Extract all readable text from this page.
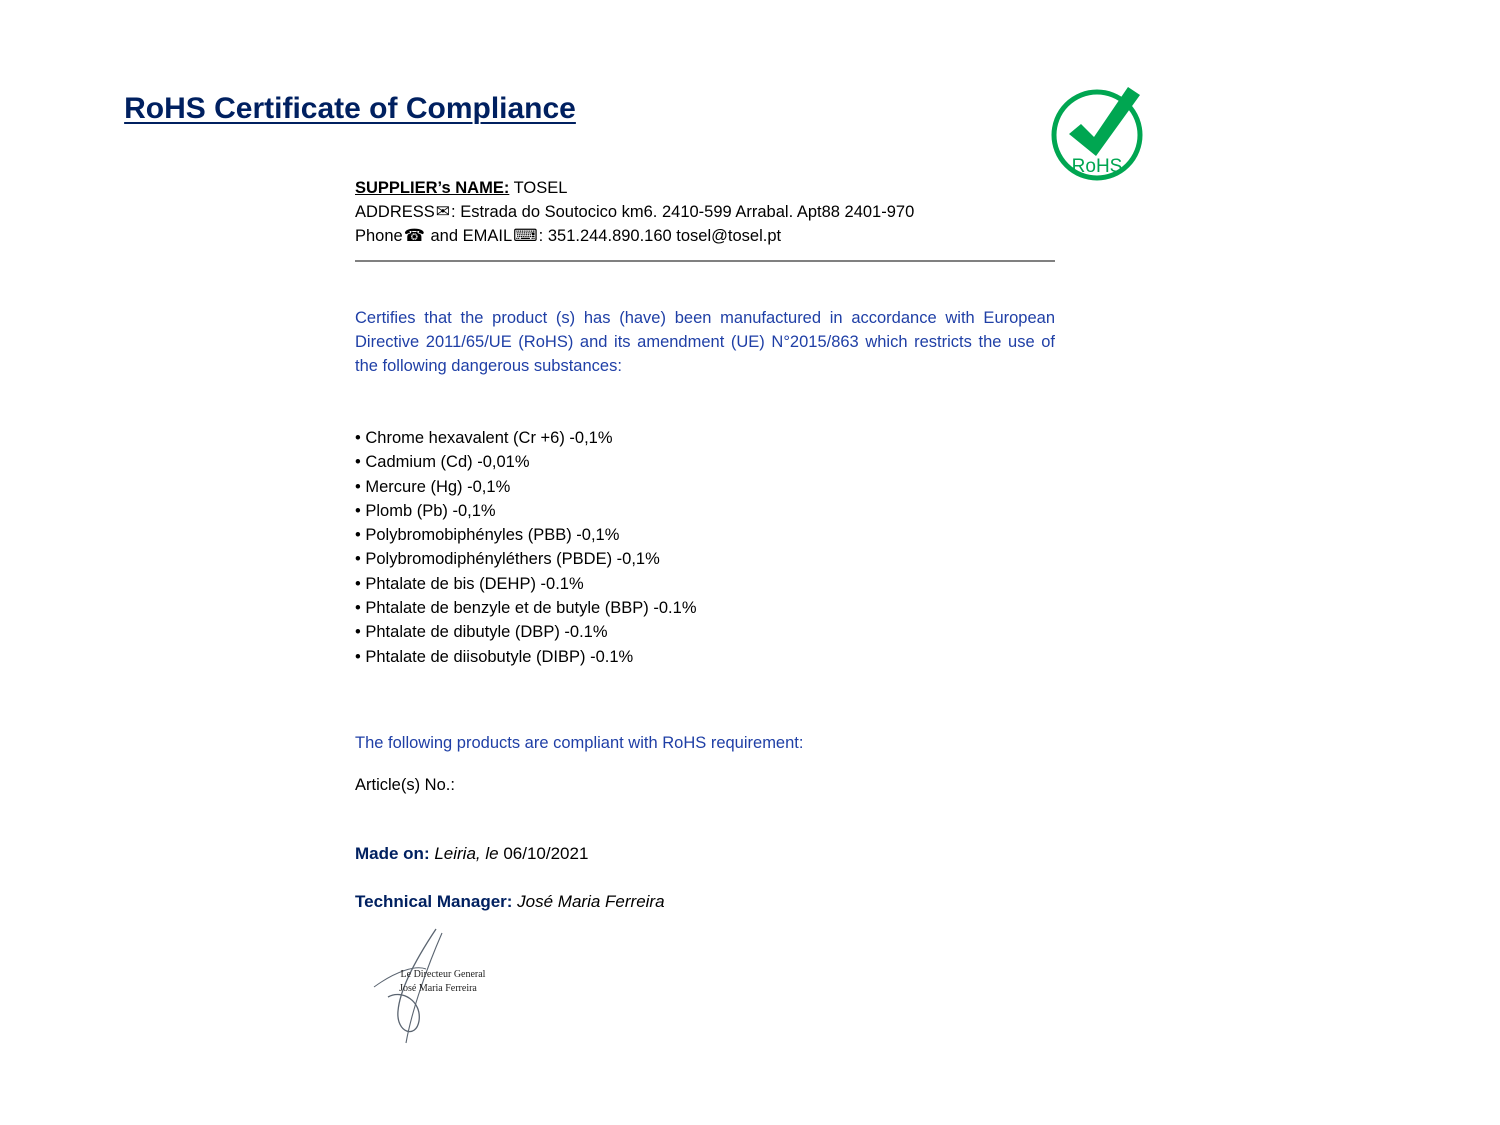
RoHS Certificate of Compliance
RoHS
SUPPLIER’s NAME: TOSEL
ADDRESS✉: Estrada do Soutocico km6. 2410-599 Arrabal. Apt88 2401-970
Phone☎ and EMAIL⌨: 351.244.890.160 tosel@tosel.pt
Certifies that the product (s) has (have) been manufactured in accordance with European Directive 2011/65/UE (RoHS) and its amendment (UE) N°2015/863 which restricts the use of the following dangerous substances:
• Chrome hexavalent (Cr +6) -0,1%
• Cadmium (Cd) -0,01%
• Mercure (Hg) -0,1%
• Plomb (Pb) -0,1%
• Polybromobiphényles (PBB) -0,1%
• Polybromodiphényléthers (PBDE) -0,1%
• Phtalate de bis (DEHP) -0.1%
• Phtalate de benzyle et de butyle (BBP) -0.1%
• Phtalate de dibutyle (DBP) -0.1%
• Phtalate de diisobutyle (DIBP) -0.1%
The following products are compliant with RoHS requirement:
Article(s) No.:
Made on: Leiria, le 06/10/2021
Technical Manager: José Maria Ferreira
Le Directeur General
José Maria Ferreira
